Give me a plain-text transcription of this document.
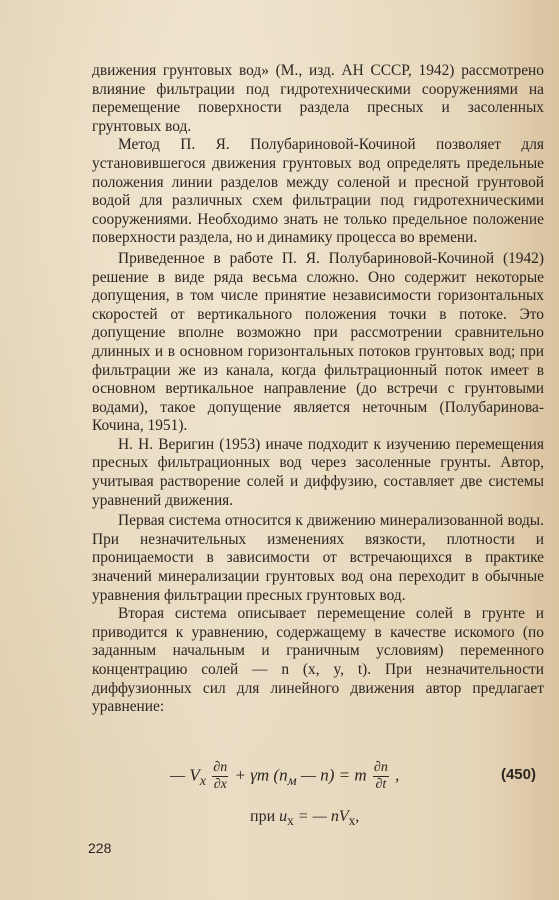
движения грунтовых вод» (М., изд. АН СССР, 1942) рассмотрено влияние фильтрации под гидротехническими сооружениями на перемещение поверхности раздела пресных и засоленных грунтовых вод.

Метод П. Я. Полубариновой-Кочиной позволяет для установившегося движения грунтовых вод определять предельные положения линии разделов между соленой и пресной грунтовой водой для различных схем фильтрации под гидротехническими сооружениями. Необходимо знать не только предельное положение поверхности раздела, но и динамику процесса во времени.

Приведенное в работе П. Я. Полубариновой-Кочиной (1942) решение в виде ряда весьма сложно. Оно содержит некоторые допущения, в том числе принятие независимости горизонтальных скоростей от вертикального положения точки в потоке. Это допущение вполне возможно при рассмотрении сравнительно длинных и в основном горизонтальных потоков грунтовых вод; при фильтрации же из канала, когда фильтрационный поток имеет в основном вертикальное направление (до встречи с грунтовыми водами), такое допущение является неточным (Полубаринова-Кочина, 1951).

Н. Н. Веригин (1953) иначе подходит к изучению перемещения пресных фильтрационных вод через засоленные грунты. Автор, учитывая растворение солей и диффузию, составляет две системы уравнений движения.

Первая система относится к движению минерализованной воды. При незначительных изменениях вязкости, плотности и проницаемости в зависимости от встречающихся в практике значений минерализации грунтовых вод она переходит в обычные уравнения фильтрации пресных грунтовых вод.

Вторая система описывает перемещение солей в грунте и приводится к уравнению, содержащему в качестве искомого (по заданным начальным и граничным условиям) переменного концентрацию солей — n (x, y, t). При незначительности диффузионных сил для линейного движения автор предлагает уравнение:

— $V_x \frac{\partial n}{\partial x} + \gamma m$ ($n_м$ — n) = m $\frac{\partial n}{\partial t}$ ,	(450)
при $u_x$ = — $nV_x$,
228
